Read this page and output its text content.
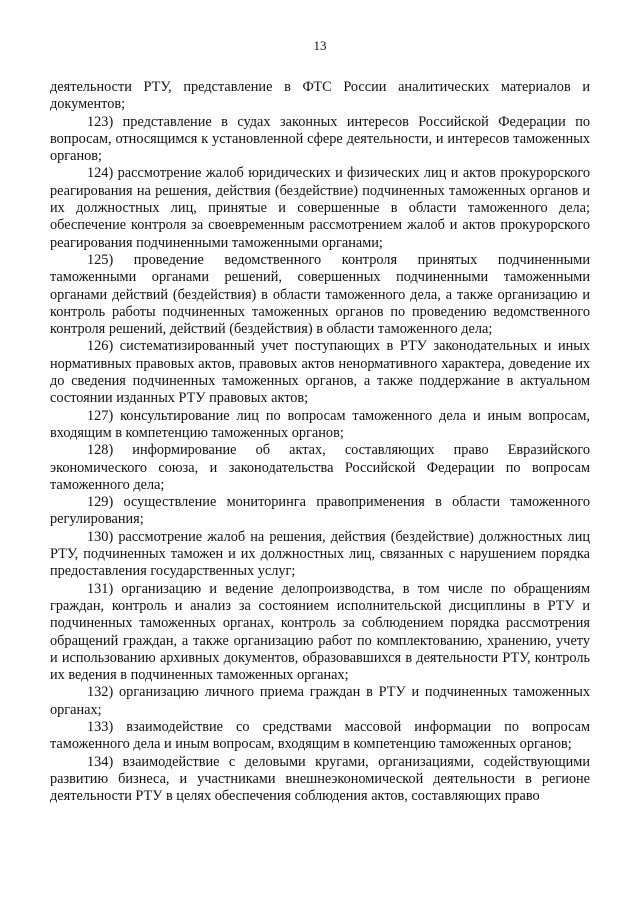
13

деятельности РТУ, представление в ФТС России аналитических материалов и документов;

123) представление в судах законных интересов Российской Федерации по вопросам, относящимся к установленной сфере деятельности, и интересов таможенных органов;

124) рассмотрение жалоб юридических и физических лиц и актов прокурорского реагирования на решения, действия (бездействие) подчиненных таможенных органов и их должностных лиц, принятые и совершенные в области таможенного дела; обеспечение контроля за своевременным рассмотрением жалоб и актов прокурорского реагирования подчиненными таможенными органами;

125) проведение ведомственного контроля принятых подчиненными таможенными органами решений, совершенных подчиненными таможенными органами действий (бездействия) в области таможенного дела, а также организацию и контроль работы подчиненных таможенных органов по проведению ведомственного контроля решений, действий (бездействия) в области таможенного дела;

126) систематизированный учет поступающих в РТУ законодательных и иных нормативных правовых актов, правовых актов ненормативного характера, доведение их до сведения подчиненных таможенных органов, а также поддержание в актуальном состоянии изданных РТУ правовых актов;

127) консультирование лиц по вопросам таможенного дела и иным вопросам, входящим в компетенцию таможенных органов;

128) информирование об актах, составляющих право Евразийского экономического союза, и законодательства Российской Федерации по вопросам таможенного дела;

129) осуществление мониторинга правоприменения в области таможенного регулирования;

130) рассмотрение жалоб на решения, действия (бездействие) должностных лиц РТУ, подчиненных таможен и их должностных лиц, связанных с нарушением порядка предоставления государственных услуг;

131) организацию и ведение делопроизводства, в том числе по обращениям граждан, контроль и анализ за состоянием исполнительской дисциплины в РТУ и подчиненных таможенных органах, контроль за соблюдением порядка рассмотрения обращений граждан, а также организацию работ по комплектованию, хранению, учету и использованию архивных документов, образовавшихся в деятельности РТУ, контроль их ведения в подчиненных таможенных органах;

132) организацию личного приема граждан в РТУ и подчиненных таможенных органах;

133) взаимодействие со средствами массовой информации по вопросам таможенного дела и иным вопросам, входящим в компетенцию таможенных органов;

134) взаимодействие с деловыми кругами, организациями, содействующими развитию бизнеса, и участниками внешнеэкономической деятельности в регионе деятельности РТУ в целях обеспечения соблюдения актов, составляющих право
